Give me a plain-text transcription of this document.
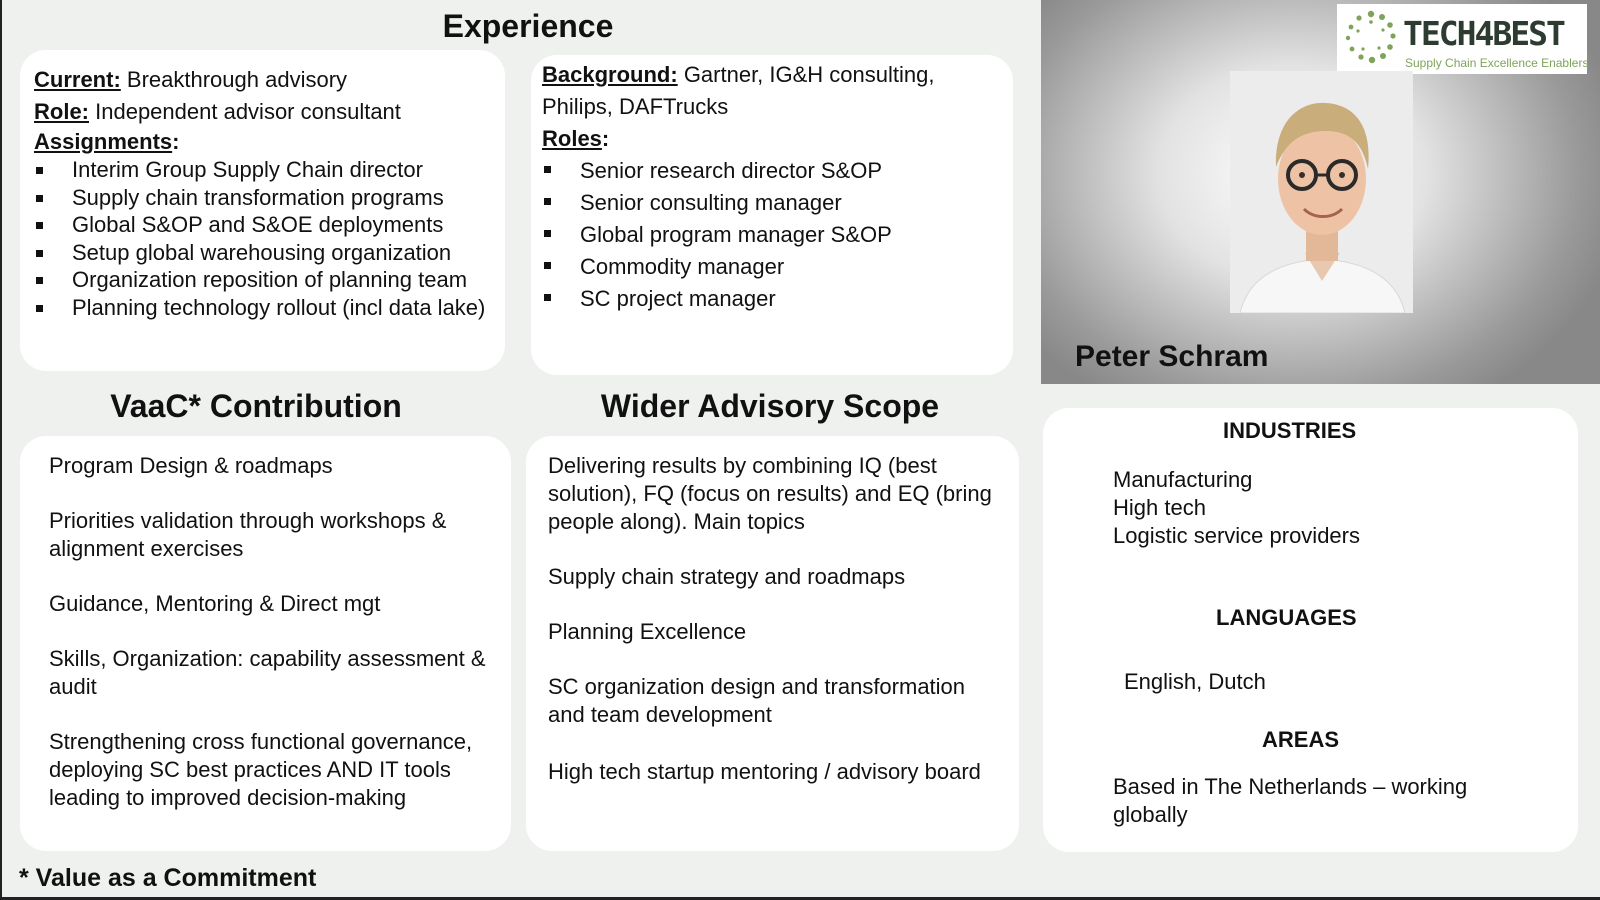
Experience
Current: Breakthrough advisory
Role: Independent advisor consultant
Assignments:
Interim Group Supply Chain director
Supply chain transformation programs
Global S&OP and S&OE deployments
Setup global warehousing organization
Organization reposition of planning team
Planning technology rollout (incl data lake)
Background: Gartner, IG&H consulting,
Philips, DAFTrucks
Roles:
Senior research director S&OP
Senior consulting manager
Global program manager S&OP
Commodity manager
SC project manager
TECH4BEST
Supply Chain Excellence Enablers
Peter Schram
VaaC* Contribution

Program Design & roadmaps

Priorities validation through workshops & alignment exercises

Guidance, Mentoring & Direct mgt

Skills, Organization: capability assessment & audit

Strengthening cross functional governance, deploying SC best practices AND IT tools leading to improved decision-making

Wider Advisory Scope

Delivering results by combining IQ (best solution), FQ (focus on results) and EQ (bring people along). Main topics

Supply chain strategy and roadmaps

Planning Excellence

SC organization design and transformation and team development

High tech startup mentoring / advisory board

INDUSTRIES
Manufacturing
High tech
Logistic service providers
LANGUAGES
English, Dutch
AREAS
Based in The Netherlands – working
globally
* Value as a Commitment
